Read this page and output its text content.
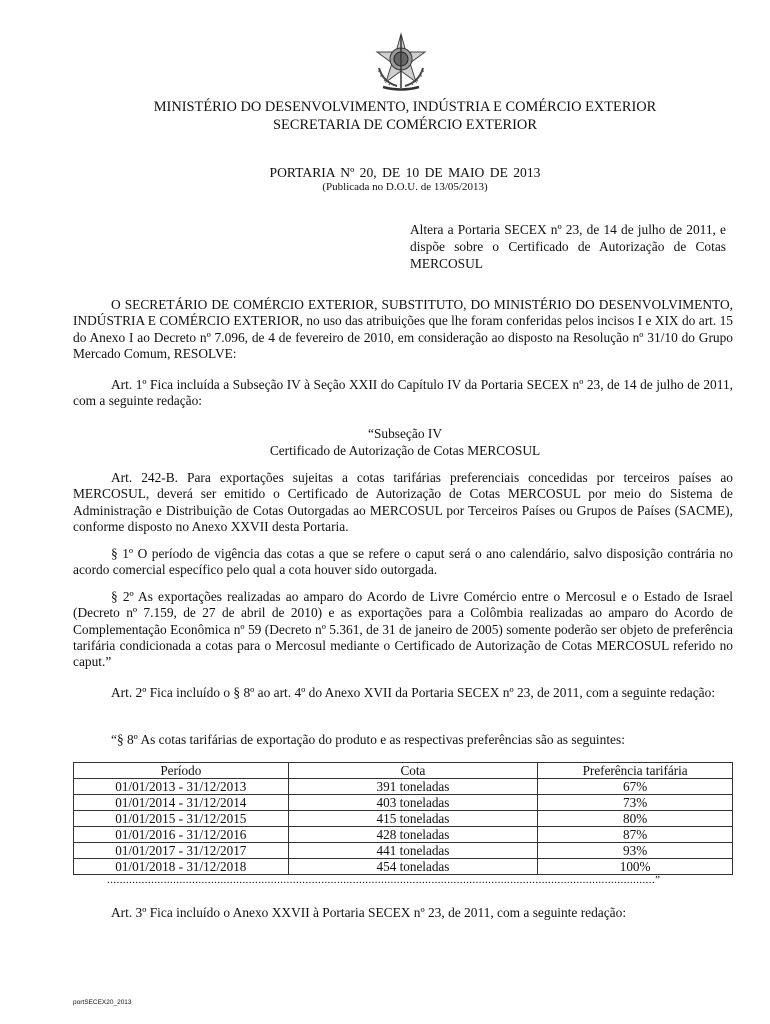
MINISTÉRIO DO DESENVOLVIMENTO, INDÚSTRIA E COMÉRCIO EXTERIOR
SECRETARIA DE COMÉRCIO EXTERIOR
PORTARIA Nº 20, DE 10 DE MAIO DE 2013
(Publicada no D.O.U. de 13/05/2013)
Altera a Portaria SECEX nº 23, de 14 de julho de 2011, e dispõe sobre o Certificado de Autorização de Cotas MERCOSUL
O SECRETÁRIO DE COMÉRCIO EXTERIOR, SUBSTITUTO, DO MINISTÉRIO DO DESENVOLVIMENTO, INDÚSTRIA E COMÉRCIO EXTERIOR, no uso das atribuições que lhe foram conferidas pelos incisos I e XIX do art. 15 do Anexo I ao Decreto nº 7.096, de 4 de fevereiro de 2010, em consideração ao disposto na Resolução nº 31/10 do Grupo Mercado Comum, RESOLVE:
Art. 1º Fica incluída a Subseção IV à Seção XXII do Capítulo IV da Portaria SECEX nº 23, de 14 de julho de 2011, com a seguinte redação:
“Subseção IV
Certificado de Autorização de Cotas MERCOSUL
Art. 242-B. Para exportações sujeitas a cotas tarifárias preferenciais concedidas por terceiros países ao MERCOSUL, deverá ser emitido o Certificado de Autorização de Cotas MERCOSUL por meio do Sistema de Administração e Distribuição de Cotas Outorgadas ao MERCOSUL por Terceiros Países ou Grupos de Países (SACME), conforme disposto no Anexo XXVII desta Portaria.
§ 1º O período de vigência das cotas a que se refere o caput será o ano calendário, salvo disposição contrária no acordo comercial específico pelo qual a cota houver sido outorgada.
§ 2º As exportações realizadas ao amparo do Acordo de Livre Comércio entre o Mercosul e o Estado de Israel (Decreto nº 7.159, de 27 de abril de 2010) e as exportações para a Colômbia realizadas ao amparo do Acordo de Complementação Econômica nº 59 (Decreto nº 5.361, de 31 de janeiro de 2005) somente poderão ser objeto de preferência tarifária condicionada a cotas para o Mercosul mediante o Certificado de Autorização de Cotas MERCOSUL referido no caput.”
Art. 2º Fica incluído o § 8º ao art. 4º do Anexo XVII da Portaria SECEX nº 23, de 2011, com a seguinte redação:
“§ 8º As cotas tarifárias de exportação do produto e as respectivas preferências são as seguintes:
Período	Cota	Preferência tarifária
01/01/2013 - 31/12/2013	391 toneladas	67%
01/01/2014 - 31/12/2014	403 toneladas	73%
01/01/2015 - 31/12/2015	415 toneladas	80%
01/01/2016 - 31/12/2016	428 toneladas	87%
01/01/2017 - 31/12/2017	441 toneladas	93%
01/01/2018 - 31/12/2018	454 toneladas	100%
..............................................................................................................................................................................”
Art. 3º Fica incluído o Anexo XXVII à Portaria SECEX nº 23, de 2011, com a seguinte redação:
portSECEX20_2013
